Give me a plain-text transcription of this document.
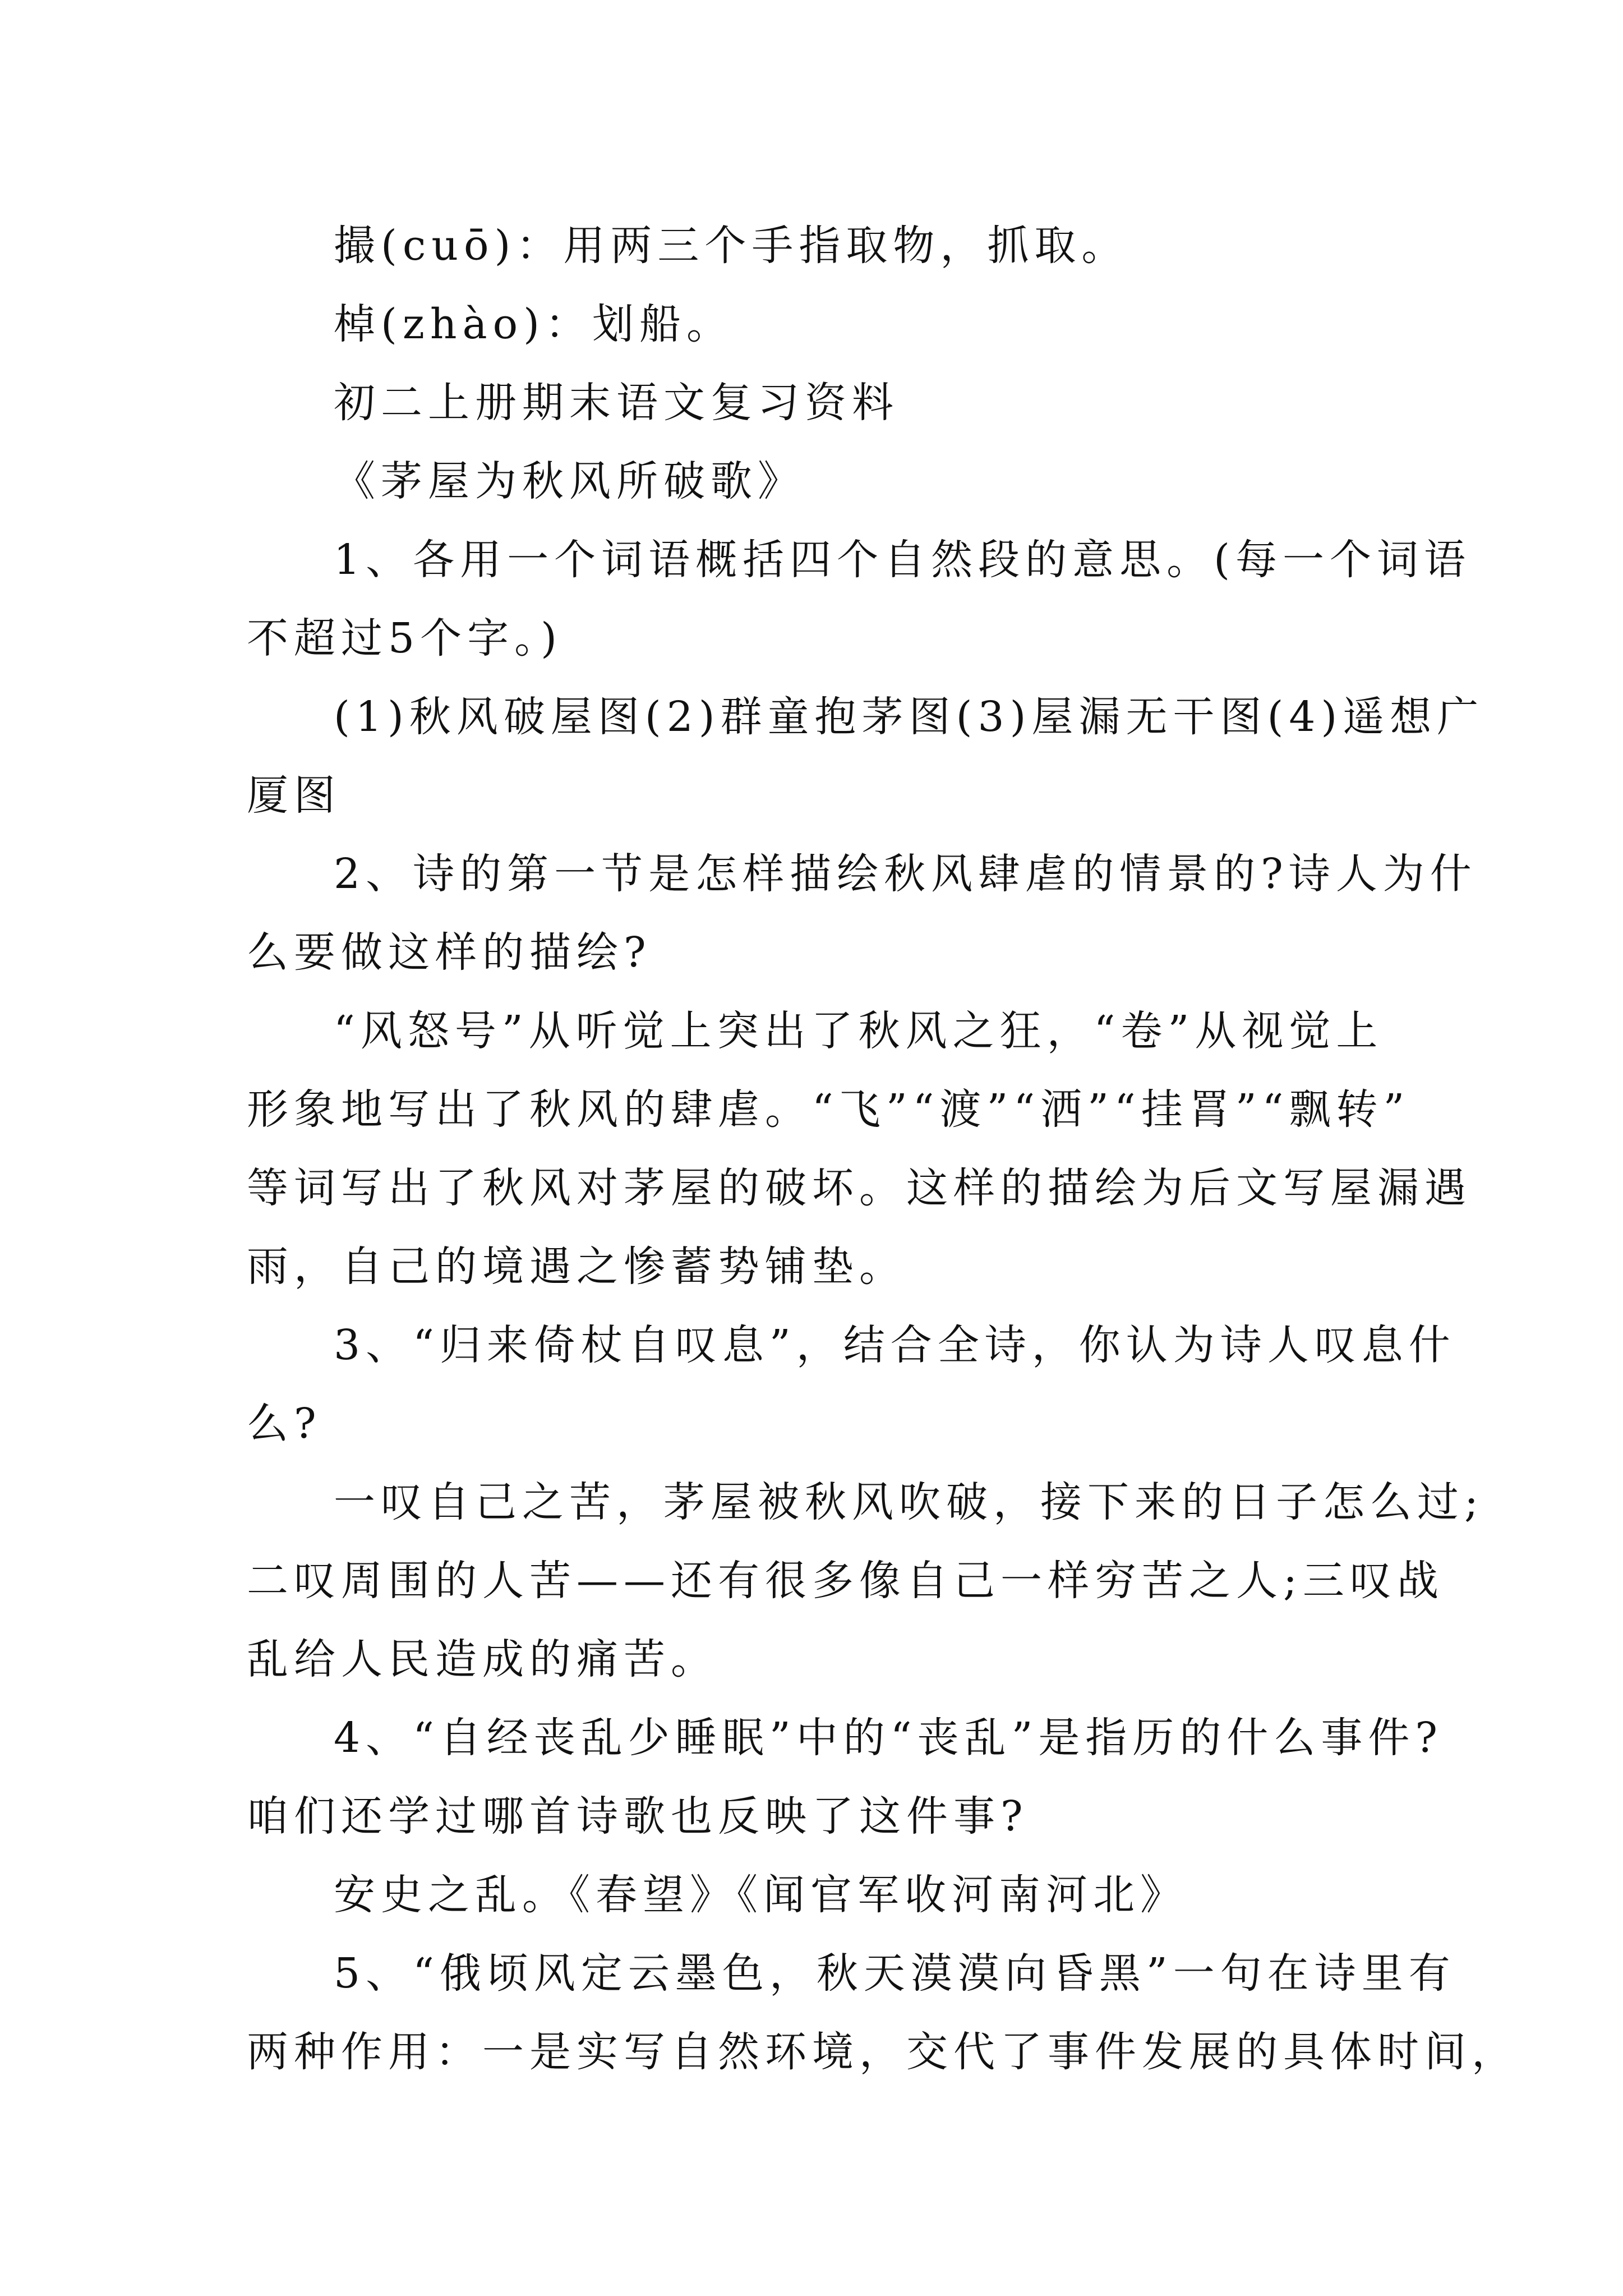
撮(cuō)：用两三个手指取物，抓取。
棹(zhào)：划船。
初二上册期末语文复习资料
《茅屋为秋风所破歌》
1、各用一个词语概括四个自然段的意思。(每一个词语
不超过5个字。)
(1)秋风破屋图(2)群童抱茅图(3)屋漏无干图(4)遥想广
厦图
2、诗的第一节是怎样描绘秋风肆虐的情景的?诗人为什
么要做这样的描绘?
“风怒号”从听觉上突出了秋风之狂，“卷”从视觉上
形象地写出了秋风的肆虐。“飞”“渡”“洒”“挂罥”“飘转”
等词写出了秋风对茅屋的破坏。这样的描绘为后文写屋漏遇
雨，自己的境遇之惨蓄势铺垫。
3、“归来倚杖自叹息”，结合全诗，你认为诗人叹息什
么?
一叹自己之苦，茅屋被秋风吹破，接下来的日子怎么过;
二叹周围的人苦——还有很多像自己一样穷苦之人;三叹战
乱给人民造成的痛苦。
4、“自经丧乱少睡眠”中的“丧乱”是指历的什么事件?
咱们还学过哪首诗歌也反映了这件事?
安史之乱。《春望》《闻官军收河南河北》
5、“俄顷风定云墨色，秋天漠漠向昏黑”一句在诗里有
两种作用：一是实写自然环境，交代了事件发展的具体时间，
